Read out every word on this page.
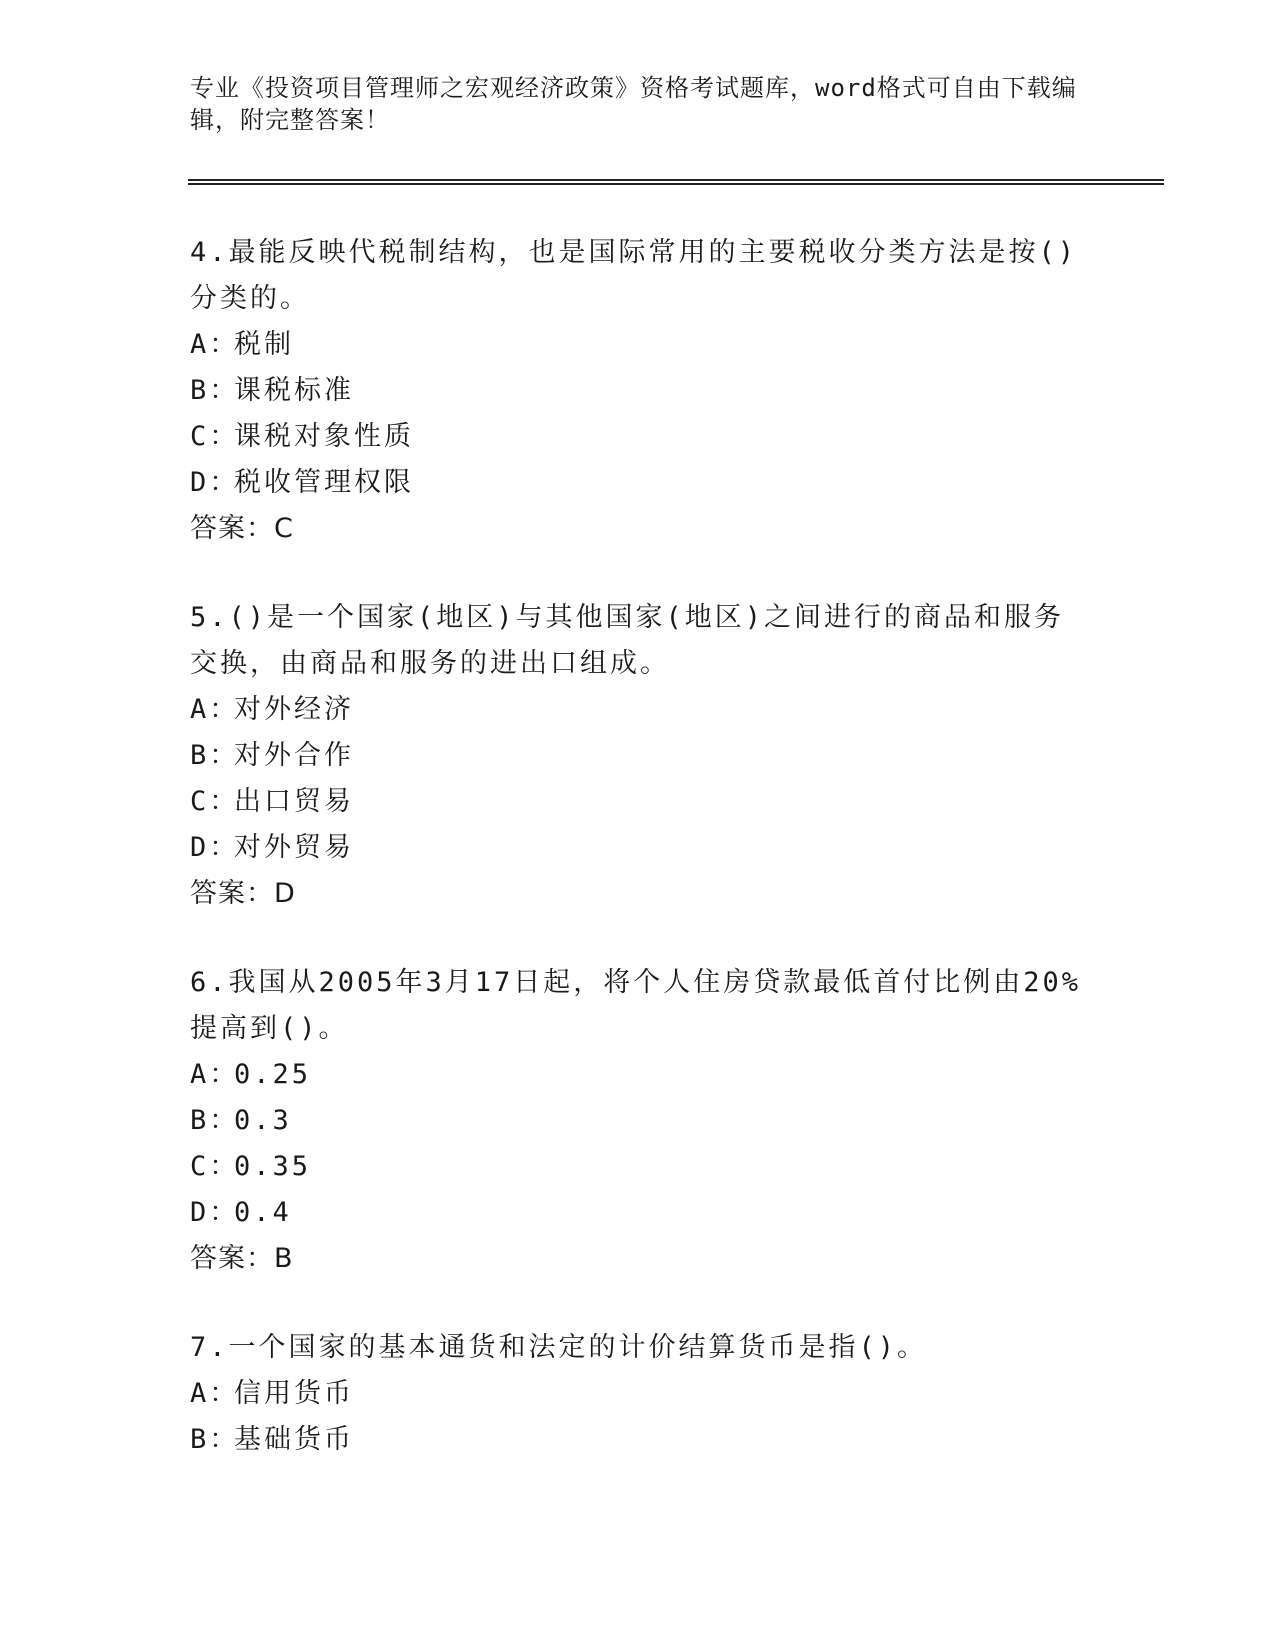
专业《投资项目管理师之宏观经济政策》资格考试题库，word格式可自由下载编辑，附完整答案！

4.最能反映代税制结构，也是国际常用的主要税收分类方法是按()分类的。

A：税制

B：课税标准

C：课税对象性质

D：税收管理权限

答案：C

5.()是一个国家(地区)与其他国家(地区)之间进行的商品和服务交换，由商品和服务的进出口组成。

A：对外经济

B：对外合作

C：出口贸易

D：对外贸易

答案：D

6.我国从2005年3月17日起，将个人住房贷款最低首付比例由20%提高到()。

A：0.25

B：0.3

C：0.35

D：0.4

答案：B

7.一个国家的基本通货和法定的计价结算货币是指()。

A：信用货币

B：基础货币
